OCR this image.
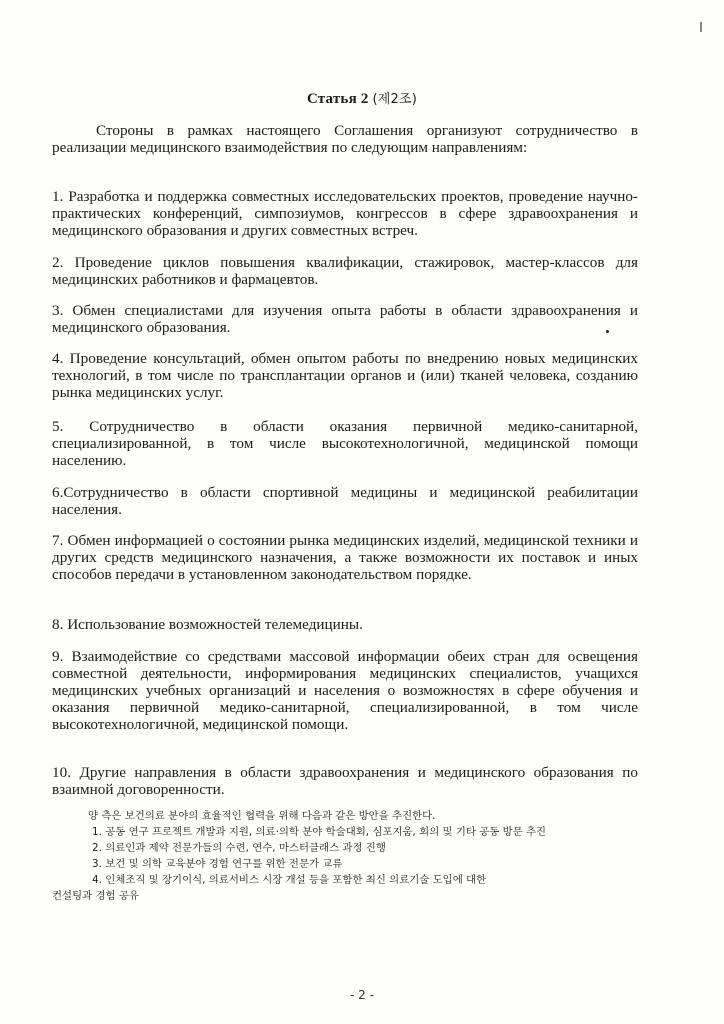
Статья 2 (제2조)
Стороны в рамках настоящего Соглашения организуют сотрудничество в реализации медицинского взаимодействия по следующим направлениям:
1. Разработка и поддержка совместных исследовательских проектов, проведение научно-практических конференций, симпозиумов, конгрессов в сфере здравоохранения и медицинского образования и других совместных встреч.
2. Проведение циклов повышения квалификации, стажировок, мастер-классов для медицинских работников и фармацевтов.
3. Обмен специалистами для изучения опыта работы в области здравоохранения и медицинского образования.
4. Проведение консультаций, обмен опытом работы по внедрению новых медицинских технологий, в том числе по трансплантации органов и (или) тканей человека, созданию рынка медицинских услуг.
5. Сотрудничество в области оказания первичной медико-санитарной, специализированной, в том числе высокотехнологичной, медицинской помощи населению.
6.Сотрудничество в области спортивной медицины и медицинской реабилитации населения.
7. Обмен информацией о состоянии рынка медицинских изделий, медицинской техники и других средств медицинского назначения, а также возможности их поставок и иных способов передачи в установленном законодательством порядке.
8. Использование возможностей телемедицины.
9. Взаимодействие со средствами массовой информации обеих стран для освещения совместной деятельности, информирования медицинских специалистов, учащихся медицинских учебных организаций и населения о возможностях в сфере обучения и оказания первичной медико-санитарной, специализированной, в том числе высокотехнологичной, медицинской помощи.
10. Другие направления в области здравоохранения и медицинского образования по взаимной договоренности.

양 측은 보건의료 분야의 효율적인 협력을 위해 다음과 같은 방안을 추진한다.

1. 공동 연구 프로젝트 개발과 지원, 의료·의학 분야 학술대회, 심포지움, 회의 및 기타 공동 방문 추진

2. 의료인과 제약 전문가들의 수련, 연수, 마스터클래스 과정 진행

3. 보건 및 의학 교육분야 경험 연구를 위한 전문가 교류

4. 인체조직 및 장기이식, 의료서비스 시장 개설 등을 포함한 최신 의료기술 도입에 대한

컨설팅과 경험 공유

- 2 -
